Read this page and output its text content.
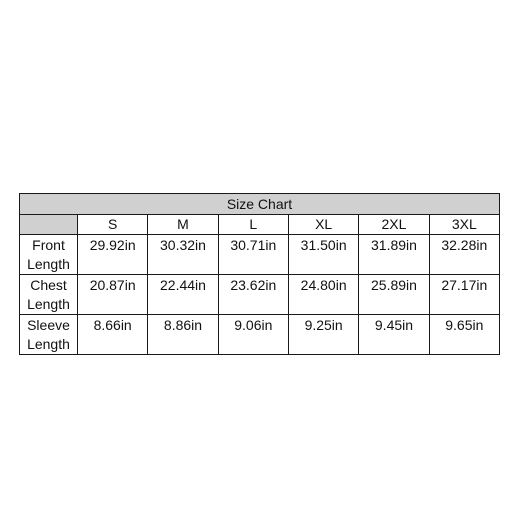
Size Chart						
	S	M	L	XL	2XL	3XL

Front
Length	29.92in	30.32in	30.71in	31.50in	31.89in	32.28in

Chest
Length	20.87in	22.44in	23.62in	24.80in	25.89in	27.17in

Sleeve
Length	8.66in	8.86in	9.06in	9.25in	9.45in	9.65in
